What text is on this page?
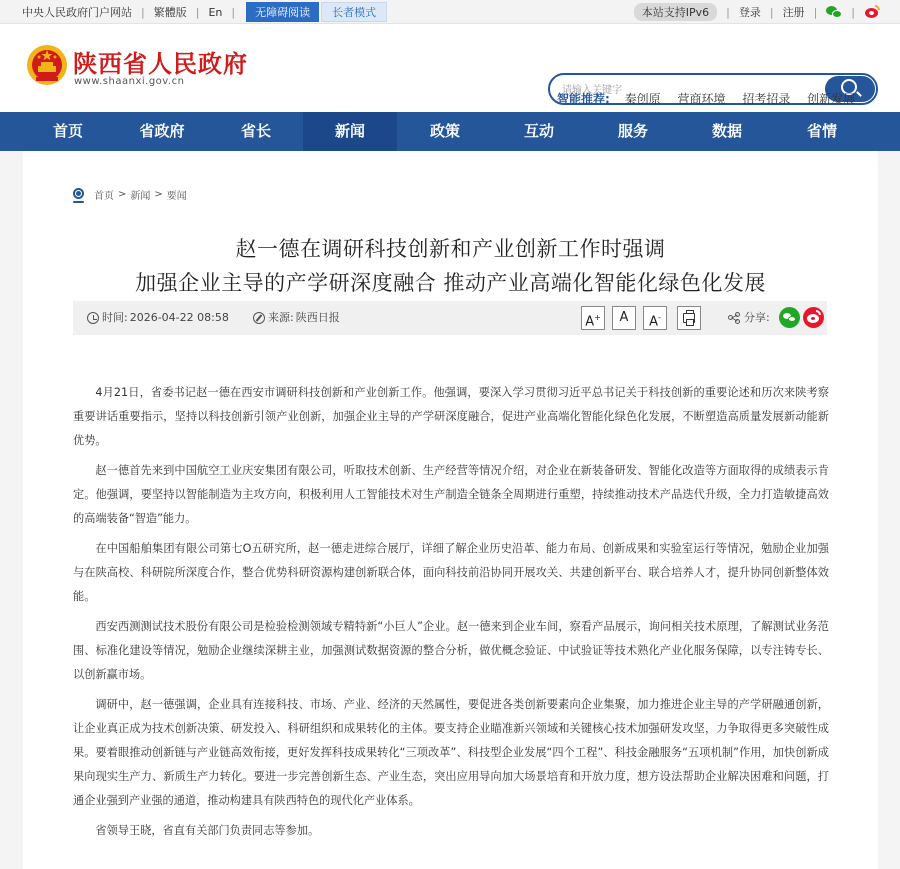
中央人民政府门户网站 | 繁體版 | En |	无障碍阅读	长者模式	本站支持IPv6	| 登录 | 注册 |	|
陕西省人民政府
www.shaanxi.gov.cn
请输入关键字
智能推荐: 秦创原 营商环境 招考招录 创新发展
首页	省政府	省长	新闻	政策	互动	服务	数据	省情
首页 > 新闻 > 要闻
赵一德在调研科技创新和产业创新工作时强调
加强企业主导的产学研深度融合 推动产业高端化智能化绿色化发展
时间: 2026-04-22 08:58	来源: 陕西日报	A+	A	A-	分享:

4月21日，省委书记赵一德在西安市调研科技创新和产业创新工作。他强调，要深入学习贯彻习近平总书记关于科技创新的重要论述和历次来陕考察重要讲话重要指示，坚持以科技创新引领产业创新，加强企业主导的产学研深度融合，促进产业高端化智能化绿色化发展，不断塑造高质量发展新动能新优势。

赵一德首先来到中国航空工业庆安集团有限公司，听取技术创新、生产经营等情况介绍，对企业在新装备研发、智能化改造等方面取得的成绩表示肯定。他强调，要坚持以智能制造为主攻方向，积极利用人工智能技术对生产制造全链条全周期进行重塑，持续推动技术产品迭代升级，全力打造敏捷高效的高端装备“智造”能力。

在中国船舶集团有限公司第七O五研究所，赵一德走进综合展厅，详细了解企业历史沿革、能力布局、创新成果和实验室运行等情况，勉励企业加强与在陕高校、科研院所深度合作，整合优势科研资源构建创新联合体，面向科技前沿协同开展攻关、共建创新平台、联合培养人才，提升协同创新整体效能。

西安西测测试技术股份有限公司是检验检测领域专精特新“小巨人”企业。赵一德来到企业车间，察看产品展示，询问相关技术原理，了解测试业务范围、标准化建设等情况，勉励企业继续深耕主业，加强测试数据资源的整合分析，做优概念验证、中试验证等技术熟化产业化服务保障，以专注铸专长、以创新赢市场。

调研中，赵一德强调，企业具有连接科技、市场、产业、经济的天然属性，要促进各类创新要素向企业集聚，加力推进企业主导的产学研融通创新，让企业真正成为技术创新决策、研发投入、科研组织和成果转化的主体。要支持企业瞄准新兴领域和关键核心技术加强研发攻坚，力争取得更多突破性成果。要着眼推动创新链与产业链高效衔接，更好发挥科技成果转化“三项改革”、科技型企业发展“四个工程”、科技金融服务“五项机制”作用，加快创新成果向现实生产力、新质生产力转化。要进一步完善创新生态、产业生态，突出应用导向加大场景培育和开放力度，想方设法帮助企业解决困难和问题，打通企业强到产业强的通道，推动构建具有陕西特色的现代化产业体系。

省领导王晓，省直有关部门负责同志等参加。
